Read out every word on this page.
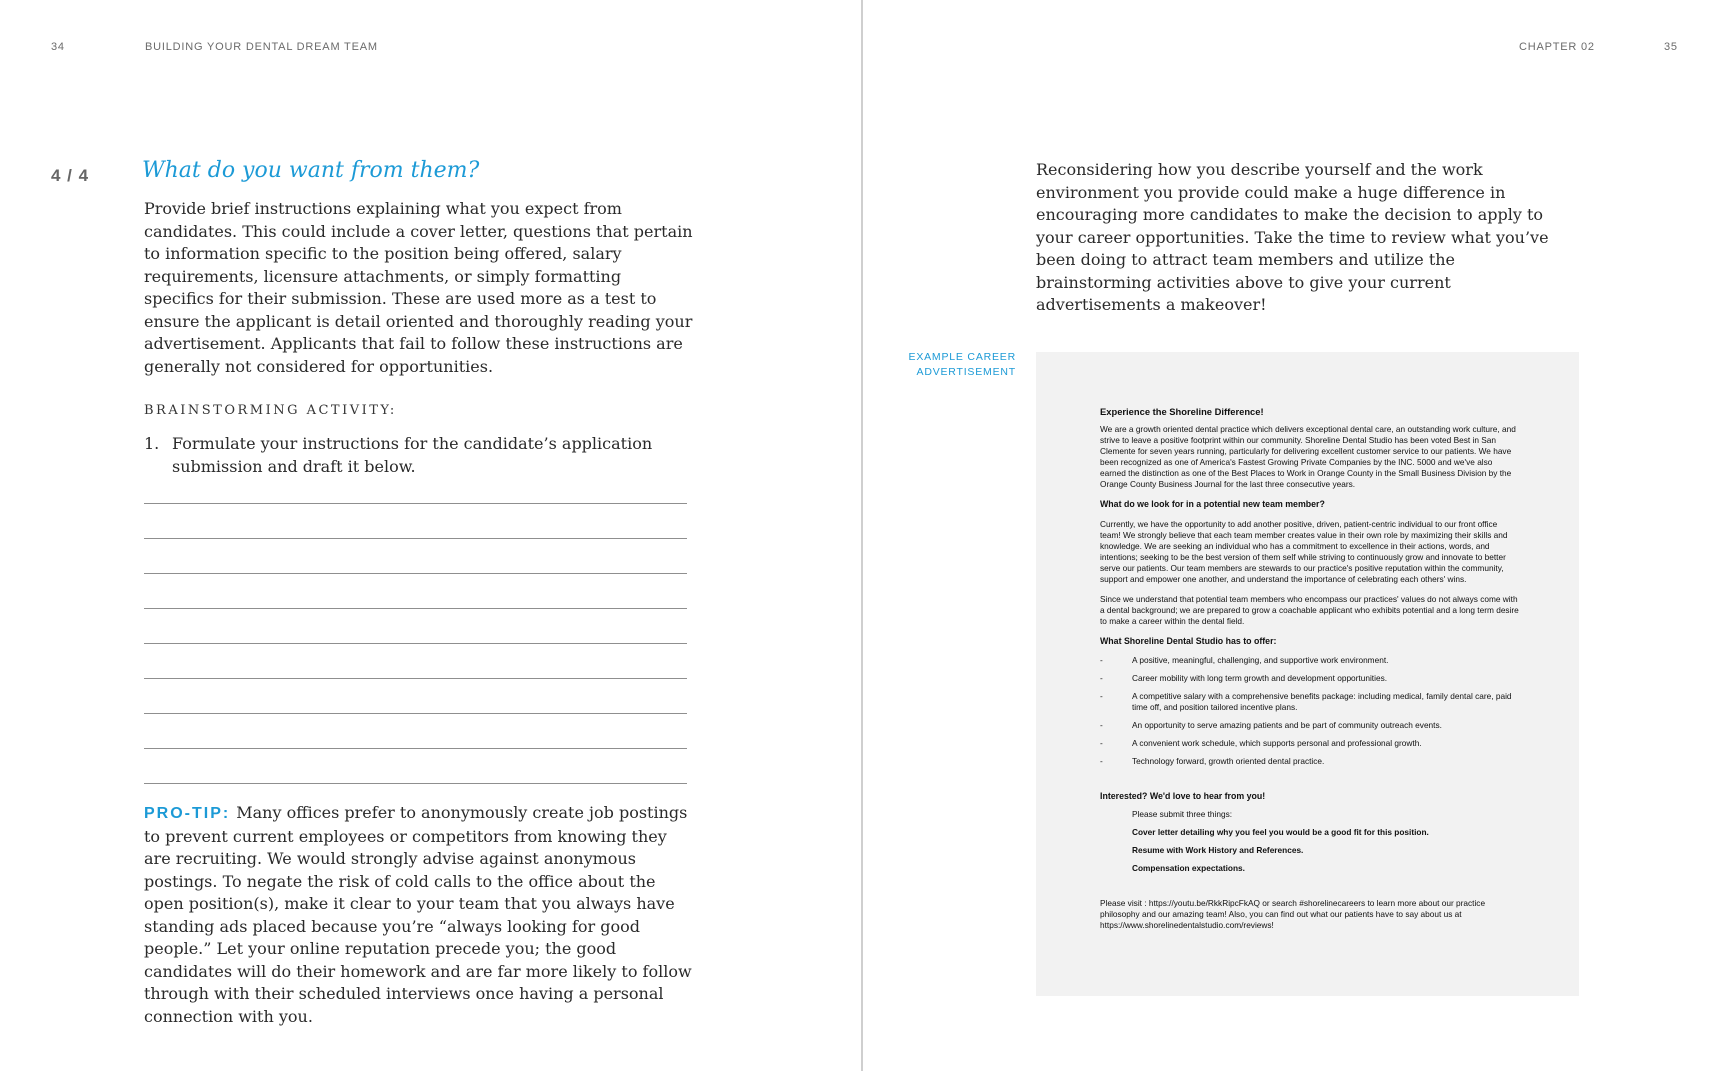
34	BUILDING YOUR DENTAL DREAM TEAM
4 / 4 What do you want from them?

Provide brief instructions explaining what you expect from candidates. This could include a cover letter, questions that pertain to information specific to the position being offered, salary requirements, licensure attachments, or simply formatting specifics for their submission. These are used more as a test to ensure the applicant is detail oriented and thoroughly reading your advertisement. Applicants that fail to follow these instructions are generally not considered for opportunities.

BRAINSTORMING ACTIVITY:
1. Formulate your instructions for the candidate’s application submission and draft it below.

PRO-TIP: Many offices prefer to anonymously create job postings to prevent current employees or competitors from knowing they are recruiting. We would strongly advise against anonymous postings. To negate the risk of cold calls to the office about the open position(s), make it clear to your team that you always have standing ads placed because you’re “always looking for good people.” Let your online reputation precede you; the good candidates will do their homework and are far more likely to follow through with their scheduled interviews once having a personal connection with you.

CHAPTER 02	35

Reconsidering how you describe yourself and the work environment you provide could make a huge difference in encouraging more candidates to make the decision to apply to your career opportunities. Take the time to review what you’ve been doing to attract team members and utilize the brainstorming activities above to give your current advertisements a makeover!

EXAMPLE CAREER
ADVERTISEMENT
Experience the Shoreline Difference!

We are a growth oriented dental practice which delivers exceptional dental care, an outstanding work culture, and strive to leave a positive footprint within our community. Shoreline Dental Studio has been voted Best in San Clemente for seven years running, particularly for delivering excellent customer service to our patients. We have been recognized as one of America's Fastest Growing Private Companies by the INC. 5000 and we've also earned the distinction as one of the Best Places to Work in Orange County in the Small Business Division by the Orange County Business Journal for the last three consecutive years.

What do we look for in a potential new team member?

Currently, we have the opportunity to add another positive, driven, patient-centric individual to our front office team! We strongly believe that each team member creates value in their own role by maximizing their skills and knowledge. We are seeking an individual who has a commitment to excellence in their actions, words, and intentions; seeking to be the best version of them self while striving to continuously grow and innovate to better serve our patients. Our team members are stewards to our practice's positive reputation within the community, support and empower one another, and understand the importance of celebrating each others' wins.

Since we understand that potential team members who encompass our practices' values do not always come with a dental background; we are prepared to grow a coachable applicant who exhibits potential and a long term desire to make a career within the dental field.

What Shoreline Dental Studio has to offer:
-	A positive, meaningful, challenging, and supportive work environment.
-	Career mobility with long term growth and development opportunities.
-	A competitive salary with a comprehensive benefits package: including medical, family dental care, paid time off, and position tailored incentive plans.
-	An opportunity to serve amazing patients and be part of community outreach events.
-	A convenient work schedule, which supports personal and professional growth.
-	Technology forward, growth oriented dental practice.
Interested? We'd love to hear from you!
Please submit three things:
Cover letter detailing why you feel you would be a good fit for this position.
Resume with Work History and References.
Compensation expectations.

Please visit : https://youtu.be/RkkRipcFkAQ or search #shorelinecareers to learn more about our practice philosophy and our amazing team! Also, you can find out what our patients have to say about us at https://www.shorelinedentalstudio.com/reviews!
